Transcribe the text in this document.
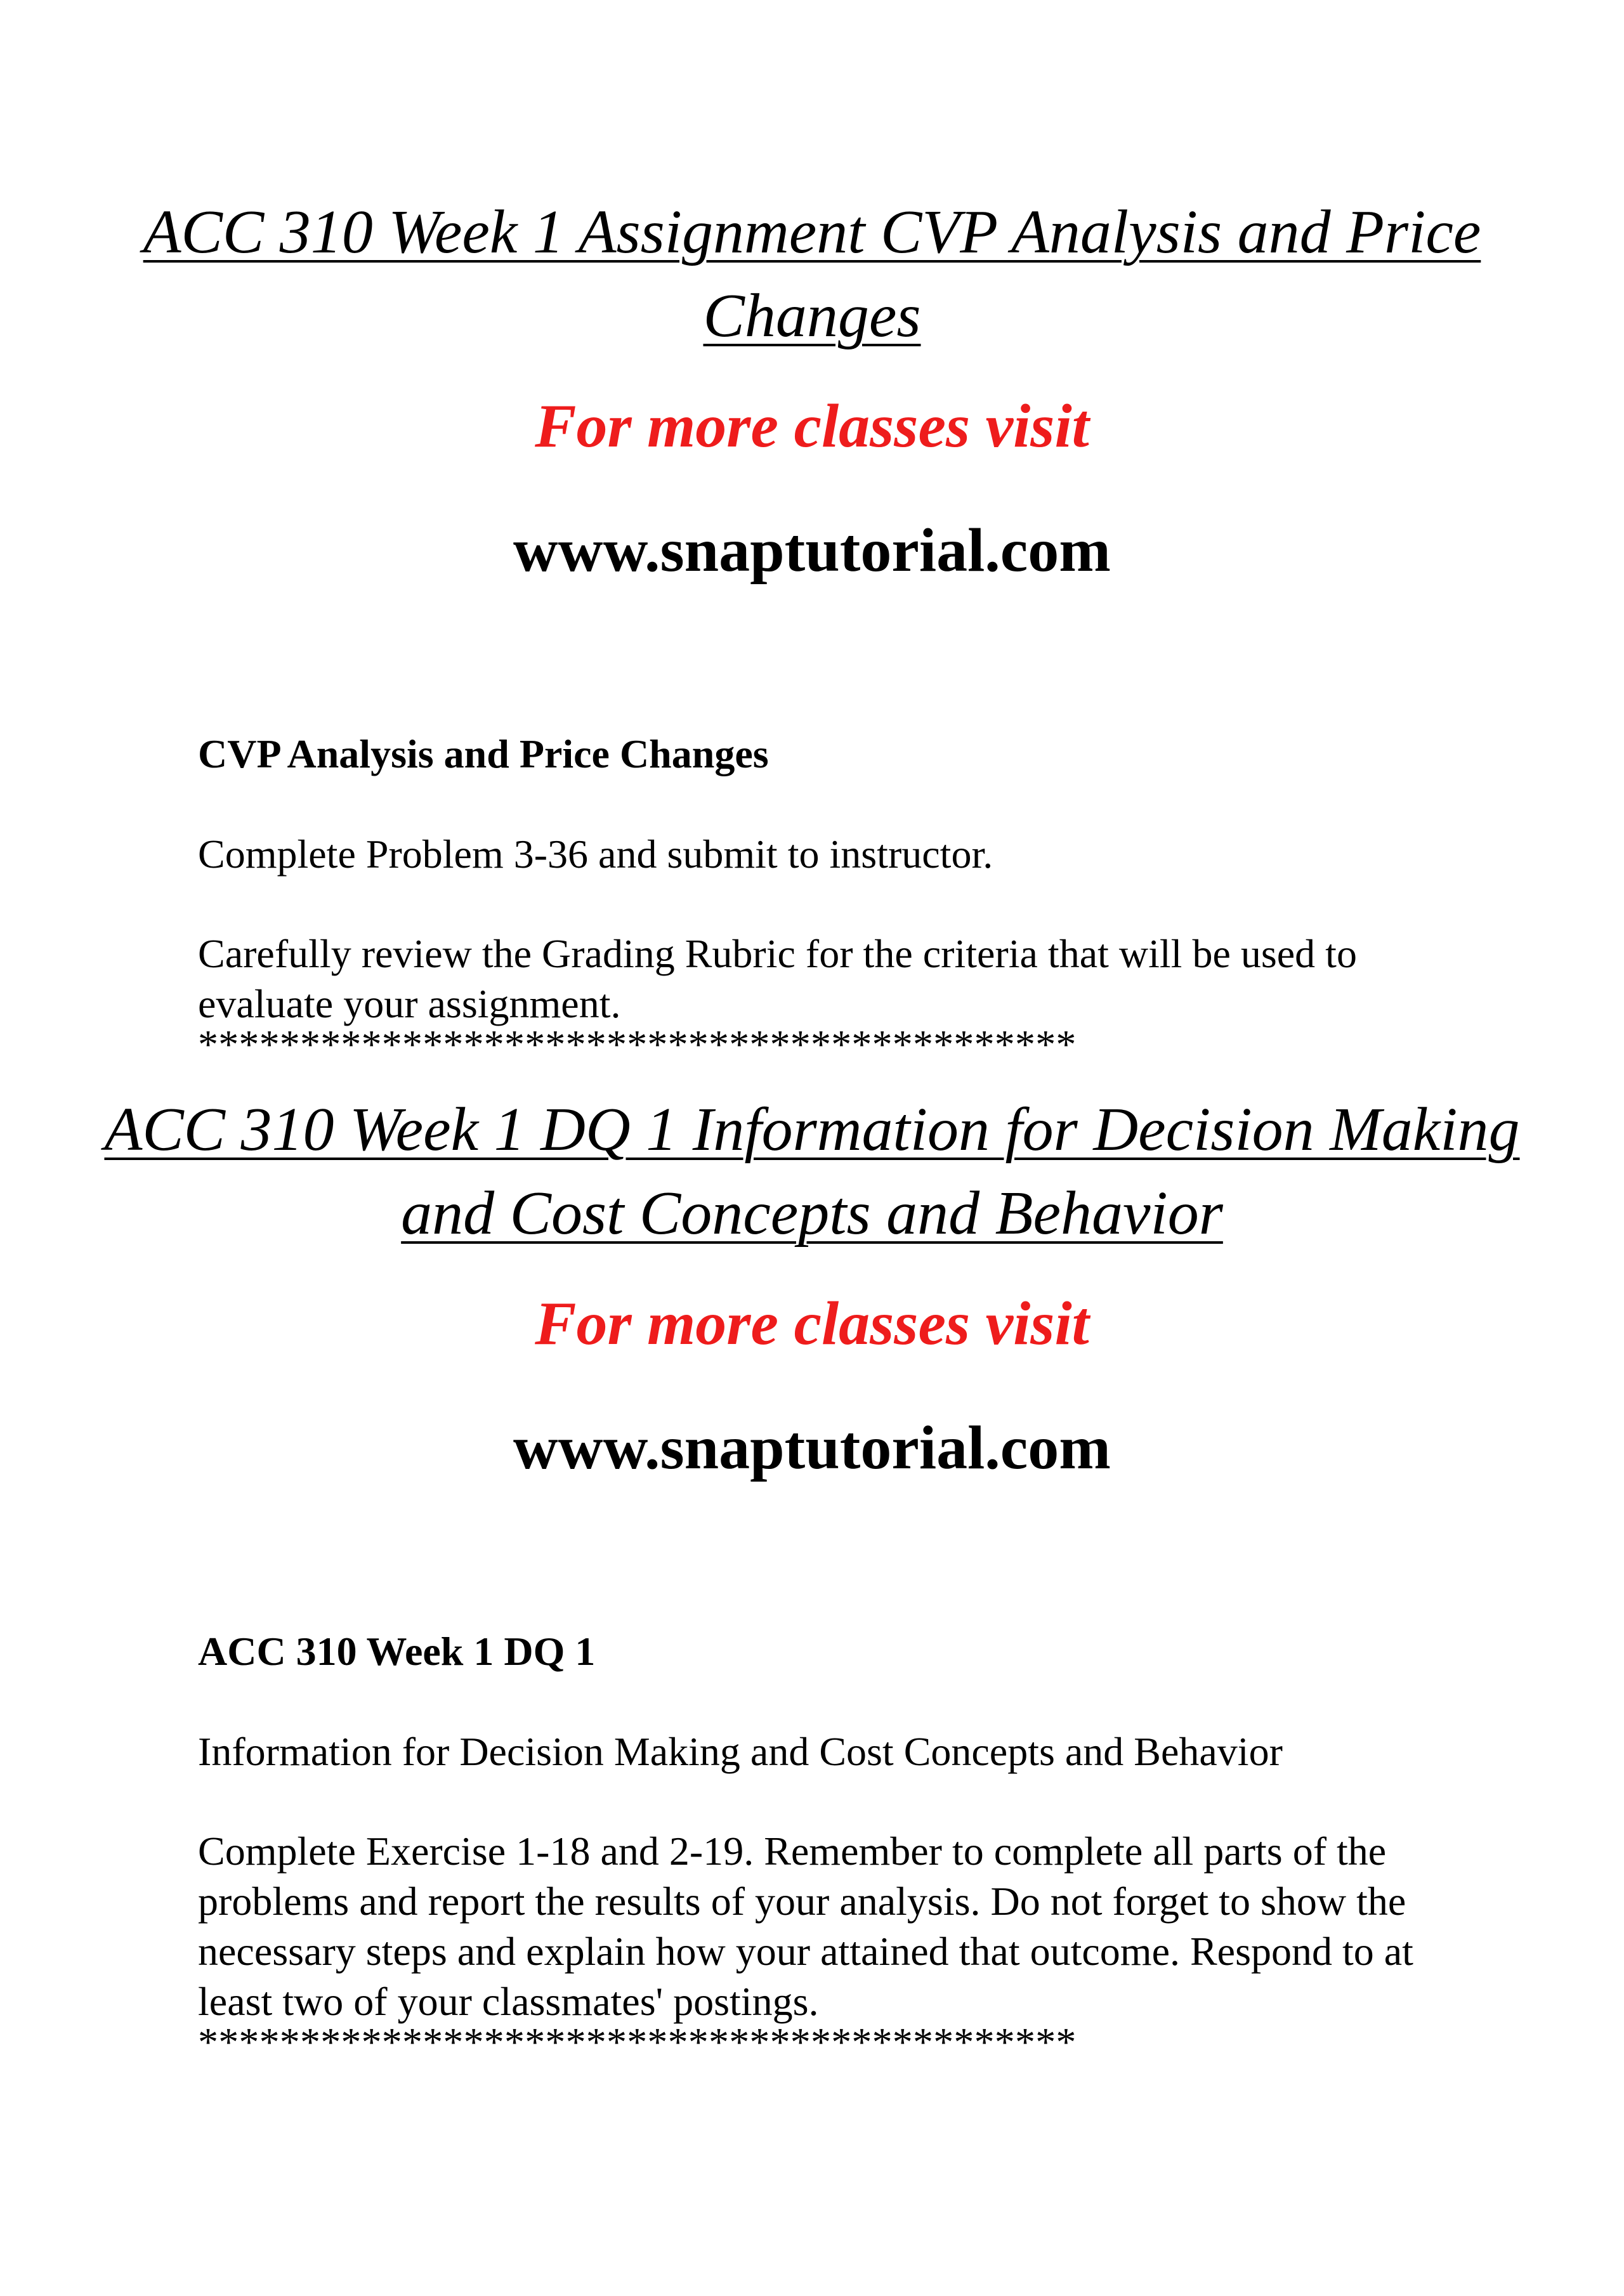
ACC 310 Week 1 Assignment CVP Analysis and Price Changes

For more classes visit

www.snaptutorial.com

CVP Analysis and Price Changes

Complete Problem 3-36 and submit to instructor.

Carefully review the Grading Rubric for the criteria that will be used to evaluate your assignment.

*******************************************

ACC 310 Week 1 DQ 1 Information for Decision Making and Cost Concepts and Behavior

For more classes visit

www.snaptutorial.com

ACC 310 Week 1 DQ 1

Information for Decision Making and Cost Concepts and Behavior

Complete Exercise 1-18 and 2-19. Remember to complete all parts of the problems and report the results of your analysis. Do not forget to show the necessary steps and explain how your attained that outcome. Respond to at least two of your classmates' postings.

*******************************************
